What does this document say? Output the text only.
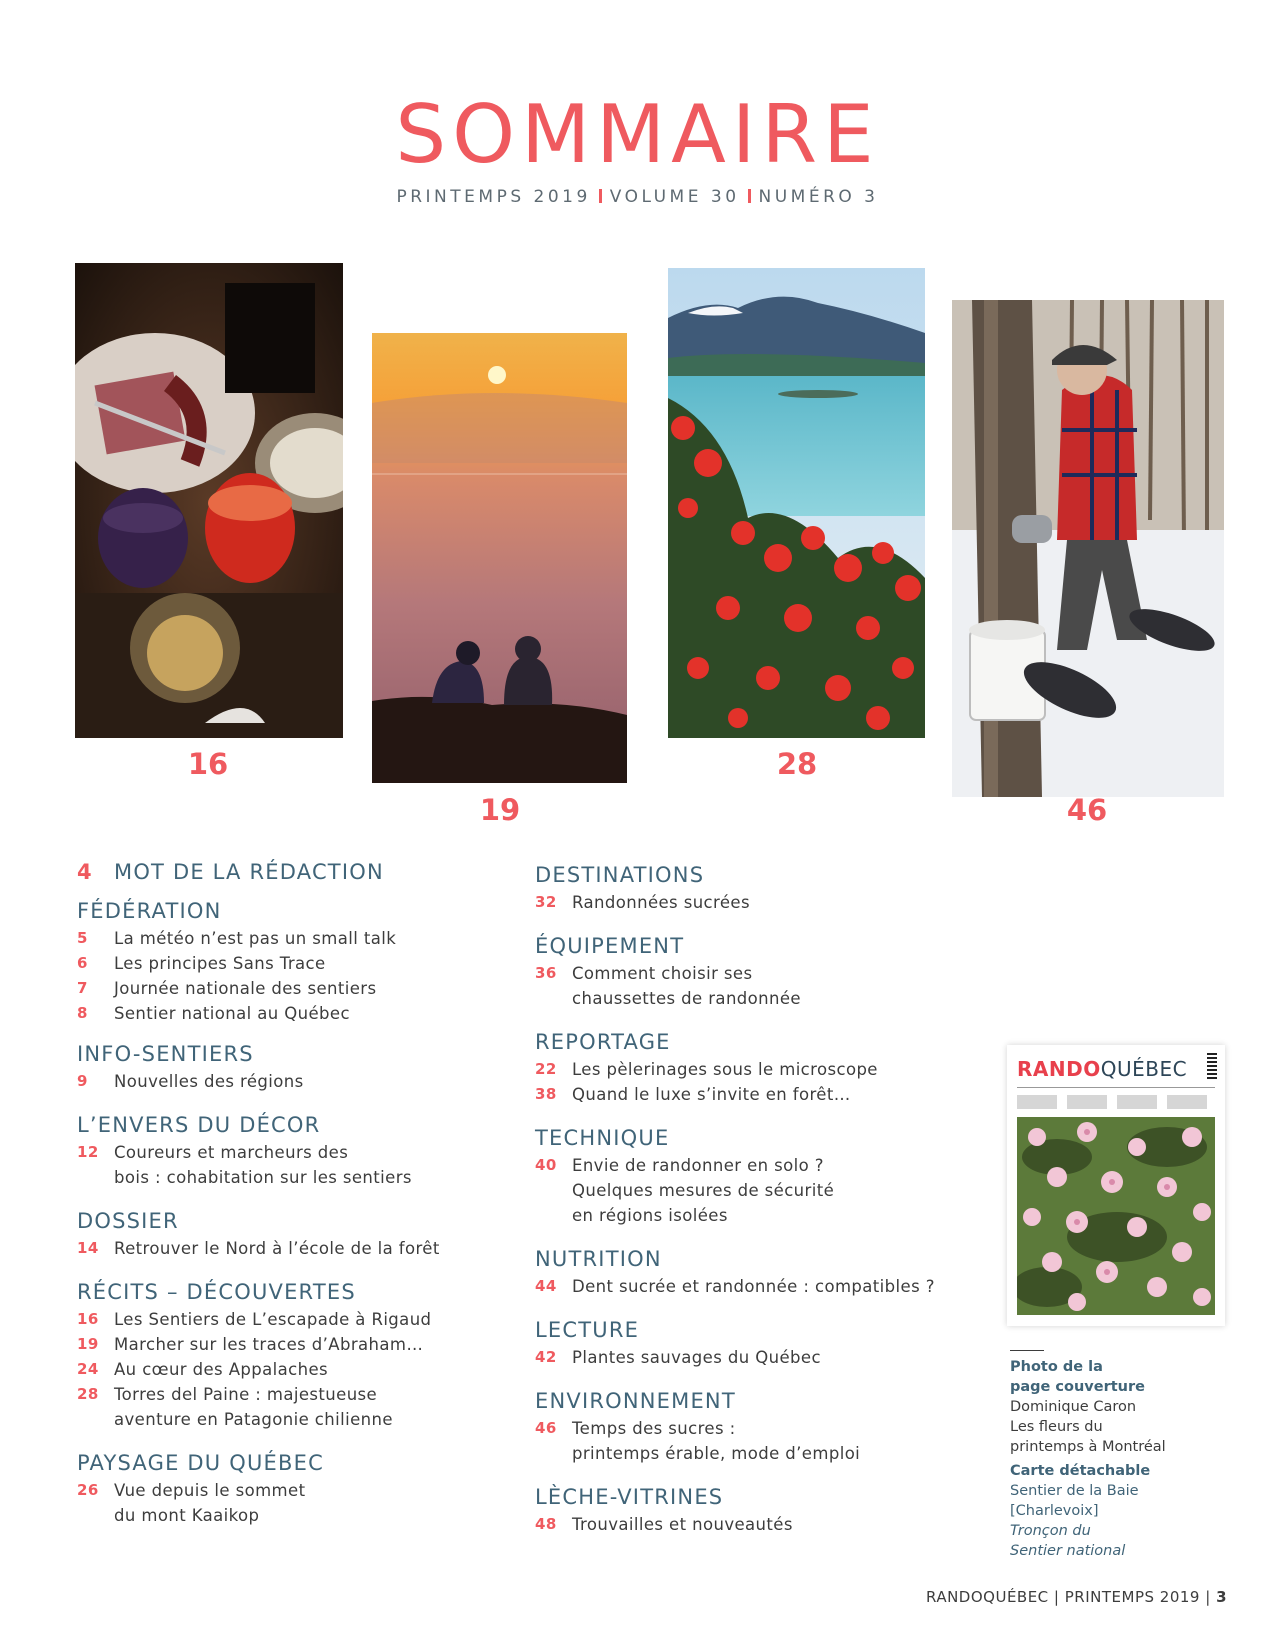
SOMMAIRE
PRINTEMPS 2019 VOLUME 30 NUMÉRO 3
16
19
28
46
4 MOT DE LA RÉDACTION
FÉDÉRATION
5	La météo n’est pas un small talk
6	Les principes Sans Trace
7	Journée nationale des sentiers
8	Sentier national au Québec
INFO-SENTIERS
9	Nouvelles des régions
L’ENVERS DU DÉCOR
12 Coureurs et marcheurs des
bois : cohabitation sur les sentiers
DOSSIER
14 Retrouver le Nord à l’école de la forêt
RÉCITS – DÉCOUVERTES
16 Les Sentiers de L’escapade à Rigaud
19 Marcher sur les traces d’Abraham…
24 Au cœur des Appalaches
28 Torres del Paine : majestueuse
aventure en Patagonie chilienne
PAYSAGE DU QUÉBEC
26 Vue depuis le sommet
du mont Kaaikop
DESTINATIONS
32 Randonnées sucrées
ÉQUIPEMENT
36 Comment choisir ses
chaussettes de randonnée
REPORTAGE
22 Les pèlerinages sous le microscope
38 Quand le luxe s’invite en forêt…
TECHNIQUE
40 Envie de randonner en solo ?
Quelques mesures de sécurité
en régions isolées
NUTRITION
44 Dent sucrée et randonnée : compatibles ?
LECTURE
42 Plantes sauvages du Québec
ENVIRONNEMENT
46 Temps des sucres :
printemps érable, mode d’emploi
LÈCHE-VITRINES
48 Trouvailles et nouveautés
RANDOQUÉBEC
Photo de la
page couverture
Dominique Caron
Les fleurs du
printemps à Montréal
Carte détachable
Sentier de la Baie
[Charlevoix]
Tronçon du
Sentier national
RANDOQUÉBEC | PRINTEMPS 2019 | 3
